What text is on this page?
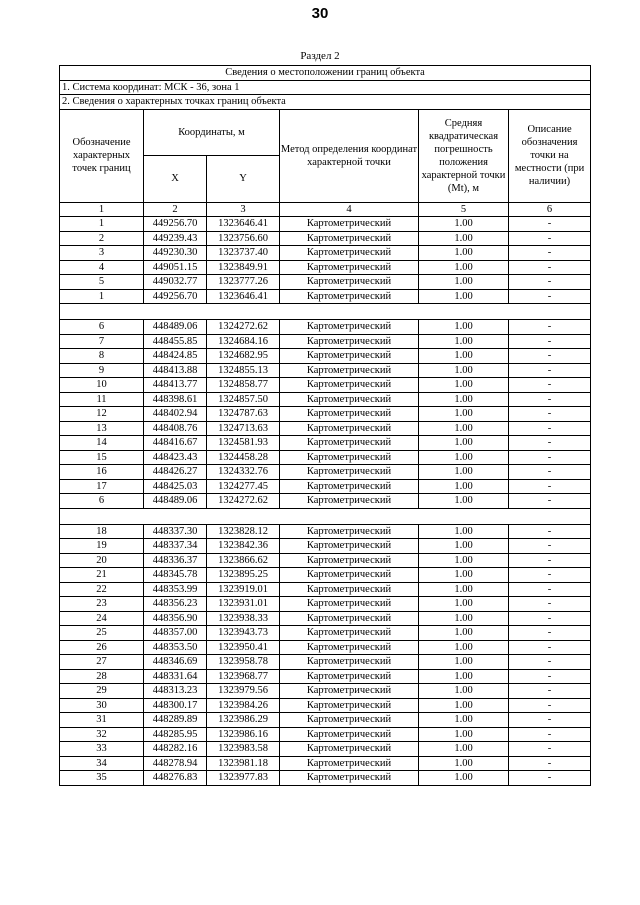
30
Раздел 2
Сведения о местоположении границ объекта					
1. Система координат: МСК - 36, зона 1					
2. Сведения о характерных точках границ объекта					
Обозначение характерных точек границ	Координаты, м		Метод определения координат характерной точки	Средняя квадратическая погрешность положения характерной точки (Mt), м	Описание обозначения точки на местности (при наличии)
	X	Y			
1	2	3	4	5	6
1	449256.70	1323646.41	Картометрический	1.00	-
2	449239.43	1323756.60	Картометрический	1.00	-
3	449230.30	1323737.40	Картометрический	1.00	-
4	449051.15	1323849.91	Картометрический	1.00	-
5	449032.77	1323777.26	Картометрический	1.00	-
1	449256.70	1323646.41	Картометрический	1.00	-

6	448489.06	1324272.62	Картометрический	1.00	-
7	448455.85	1324684.16	Картометрический	1.00	-
8	448424.85	1324682.95	Картометрический	1.00	-
9	448413.88	1324855.13	Картометрический	1.00	-
10	448413.77	1324858.77	Картометрический	1.00	-
11	448398.61	1324857.50	Картометрический	1.00	-
12	448402.94	1324787.63	Картометрический	1.00	-
13	448408.76	1324713.63	Картометрический	1.00	-
14	448416.67	1324581.93	Картометрический	1.00	-
15	448423.43	1324458.28	Картометрический	1.00	-
16	448426.27	1324332.76	Картометрический	1.00	-
17	448425.03	1324277.45	Картометрический	1.00	-
6	448489.06	1324272.62	Картометрический	1.00	-

18	448337.30	1323828.12	Картометрический	1.00	-
19	448337.34	1323842.36	Картометрический	1.00	-
20	448336.37	1323866.62	Картометрический	1.00	-
21	448345.78	1323895.25	Картометрический	1.00	-
22	448353.99	1323919.01	Картометрический	1.00	-
23	448356.23	1323931.01	Картометрический	1.00	-
24	448356.90	1323938.33	Картометрический	1.00	-
25	448357.00	1323943.73	Картометрический	1.00	-
26	448353.50	1323950.41	Картометрический	1.00	-
27	448346.69	1323958.78	Картометрический	1.00	-
28	448331.64	1323968.77	Картометрический	1.00	-
29	448313.23	1323979.56	Картометрический	1.00	-
30	448300.17	1323984.26	Картометрический	1.00	-
31	448289.89	1323986.29	Картометрический	1.00	-
32	448285.95	1323986.16	Картометрический	1.00	-
33	448282.16	1323983.58	Картометрический	1.00	-
34	448278.94	1323981.18	Картометрический	1.00	-
35	448276.83	1323977.83	Картометрический	1.00	-
